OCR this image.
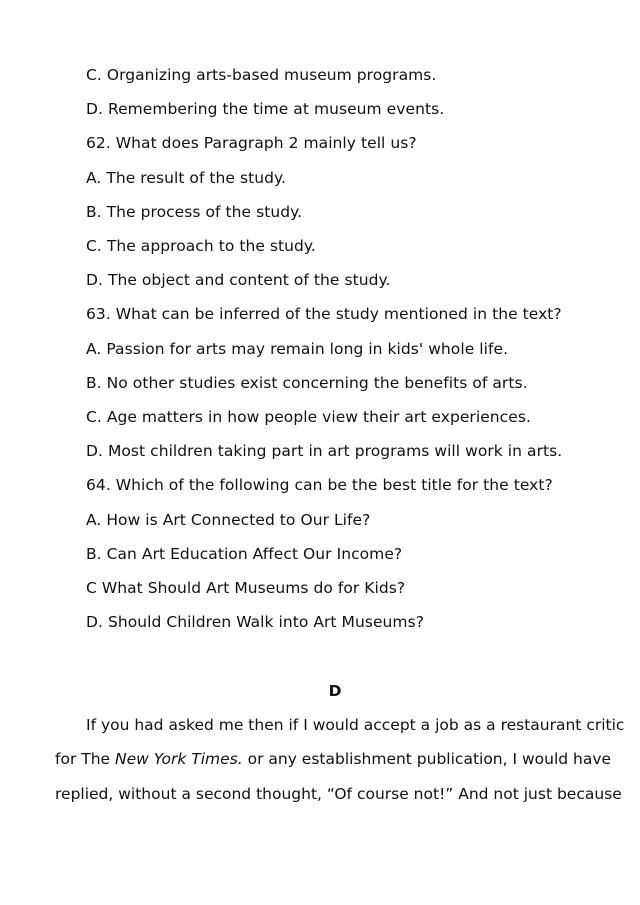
C. Organizing arts-based museum programs.
D. Remembering the time at museum events.
62. What does Paragraph 2 mainly tell us?
A. The result of the study.
B. The process of the study.
C. The approach to the study.
D. The object and content of the study.
63. What can be inferred of the study mentioned in the text?
A. Passion for arts may remain long in kids' whole life.
B. No other studies exist concerning the benefits of arts.
C. Age matters in how people view their art experiences.
D. Most children taking part in art programs will work in arts.
64. Which of the following can be the best title for the text?
A. How is Art Connected to Our Life?
B. Can Art Education Affect Our Income?
C What Should Art Museums do for Kids?
D. Should Children Walk into Art Museums?
D
If you had asked me then if I would accept a job as a restaurant critic
for The New York Times. or any establishment publication, I would have
replied, without a second thought, “Of course not!” And not just because
